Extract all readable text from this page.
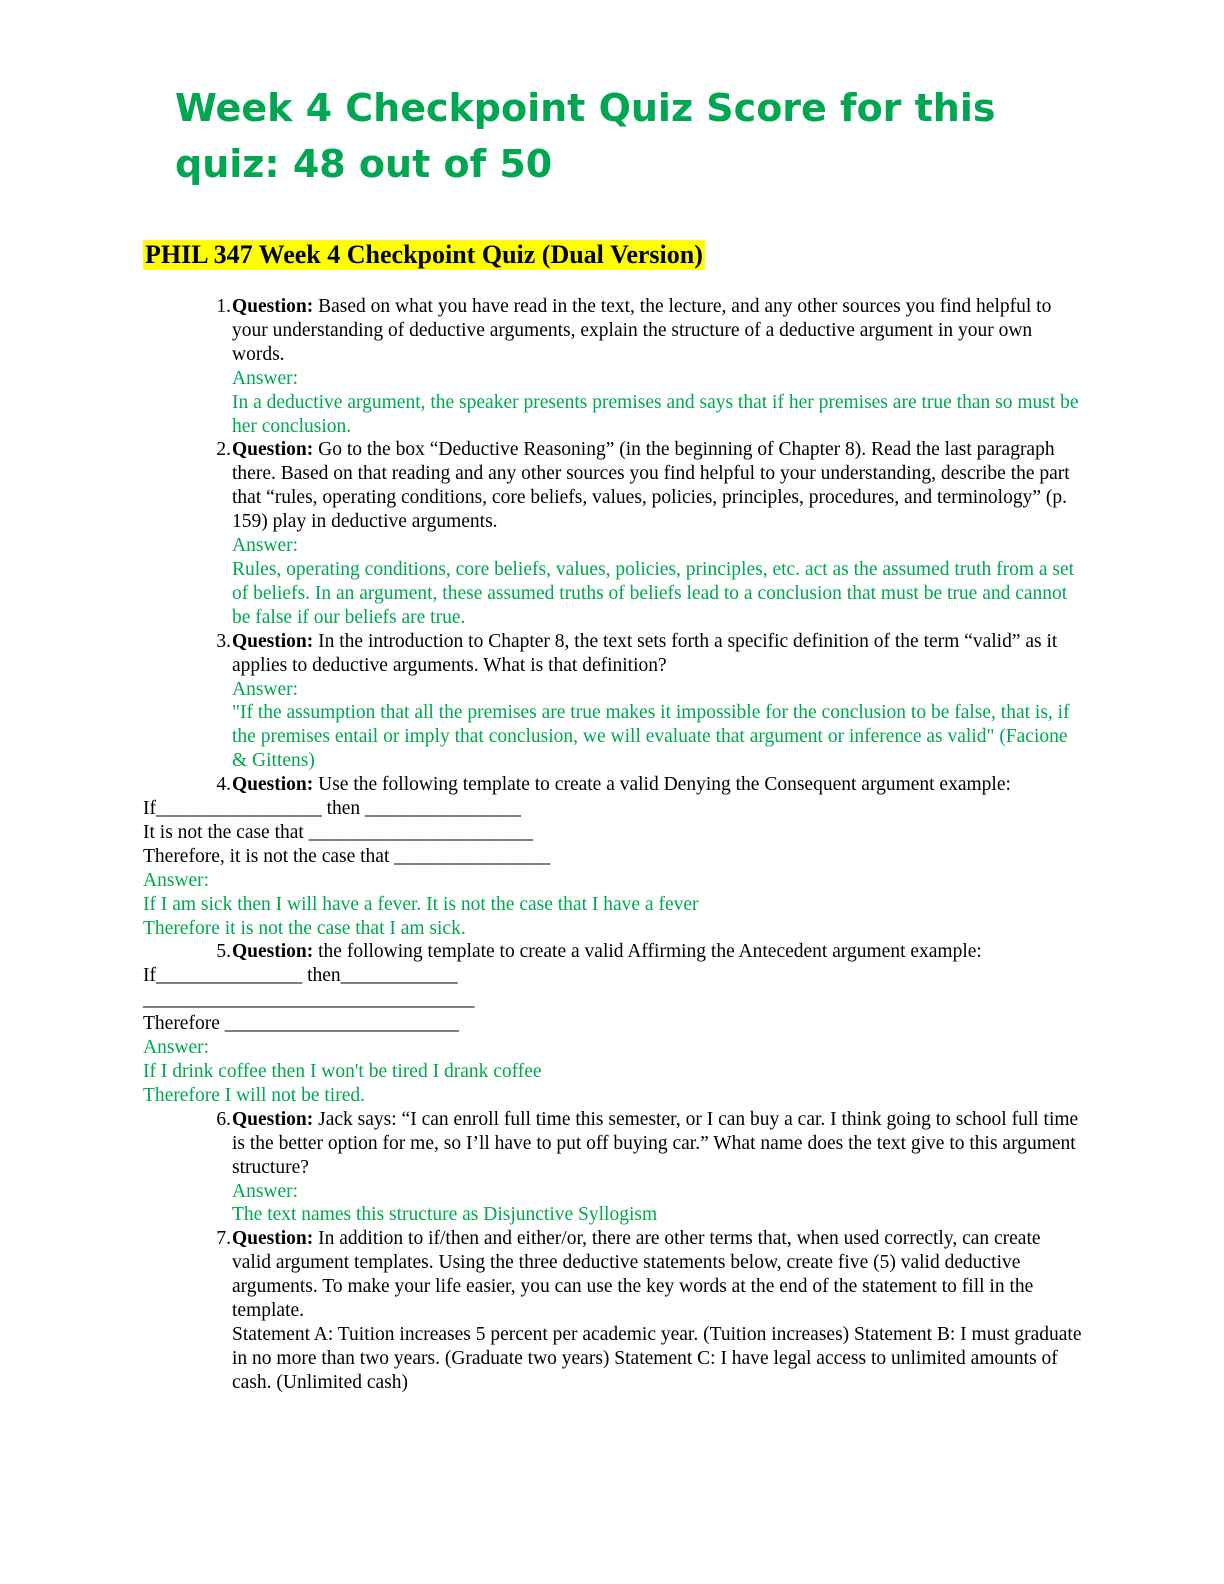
Week 4 Checkpoint Quiz Score for this quiz: 48 out of 50
PHIL 347 Week 4 Checkpoint Quiz (Dual Version)
1. Question: Based on what you have read in the text, the lecture, and any other sources you find helpful to your understanding of deductive arguments, explain the structure of a deductive argument in your own words.
Answer:
In a deductive argument, the speaker presents premises and says that if her premises are true than so must be her conclusion.
2. Question: Go to the box “Deductive Reasoning” (in the beginning of Chapter 8). Read the last paragraph there. Based on that reading and any other sources you find helpful to your understanding, describe the part that “rules, operating conditions, core beliefs, values, policies, principles, procedures, and terminology” (p. 159) play in deductive arguments.
Answer:
Rules, operating conditions, core beliefs, values, policies, principles, etc. act as the assumed truth from a set of beliefs. In an argument, these assumed truths of beliefs lead to a conclusion that must be true and cannot be false if our beliefs are true.
3. Question: In the introduction to Chapter 8, the text sets forth a specific definition of the term “valid” as it applies to deductive arguments. What is that definition?
Answer:
"If the assumption that all the premises are true makes it impossible for the conclusion to be false, that is, if the premises entail or imply that conclusion, we will evaluate that argument or inference as valid" (Facione & Gittens)
4. Question: Use the following template to create a valid Denying the Consequent argument example:
If_________________ then ________________
It is not the case that _______________________
Therefore, it is not the case that ________________
Answer:
If I am sick then I will have a fever. It is not the case that I have a fever
Therefore it is not the case that I am sick.
5. Question: the following template to create a valid Affirming the Antecedent argument example:
If_______________ then____________
__________________________________
Therefore ________________________
Answer:
If I drink coffee then I won't be tired I drank coffee
Therefore I will not be tired.
6. Question: Jack says: “I can enroll full time this semester, or I can buy a car. I think going to school full time is the better option for me, so I’ll have to put off buying car.” What name does the text give to this argument structure?
Answer:
The text names this structure as Disjunctive Syllogism
7. Question: In addition to if/then and either/or, there are other terms that, when used correctly, can create valid argument templates. Using the three deductive statements below, create five (5) valid deductive arguments. To make your life easier, you can use the key words at the end of the statement to fill in the template.
Statement A: Tuition increases 5 percent per academic year. (Tuition increases) Statement B: I must graduate in no more than two years. (Graduate two years) Statement C: I have legal access to unlimited amounts of cash. (Unlimited cash)
